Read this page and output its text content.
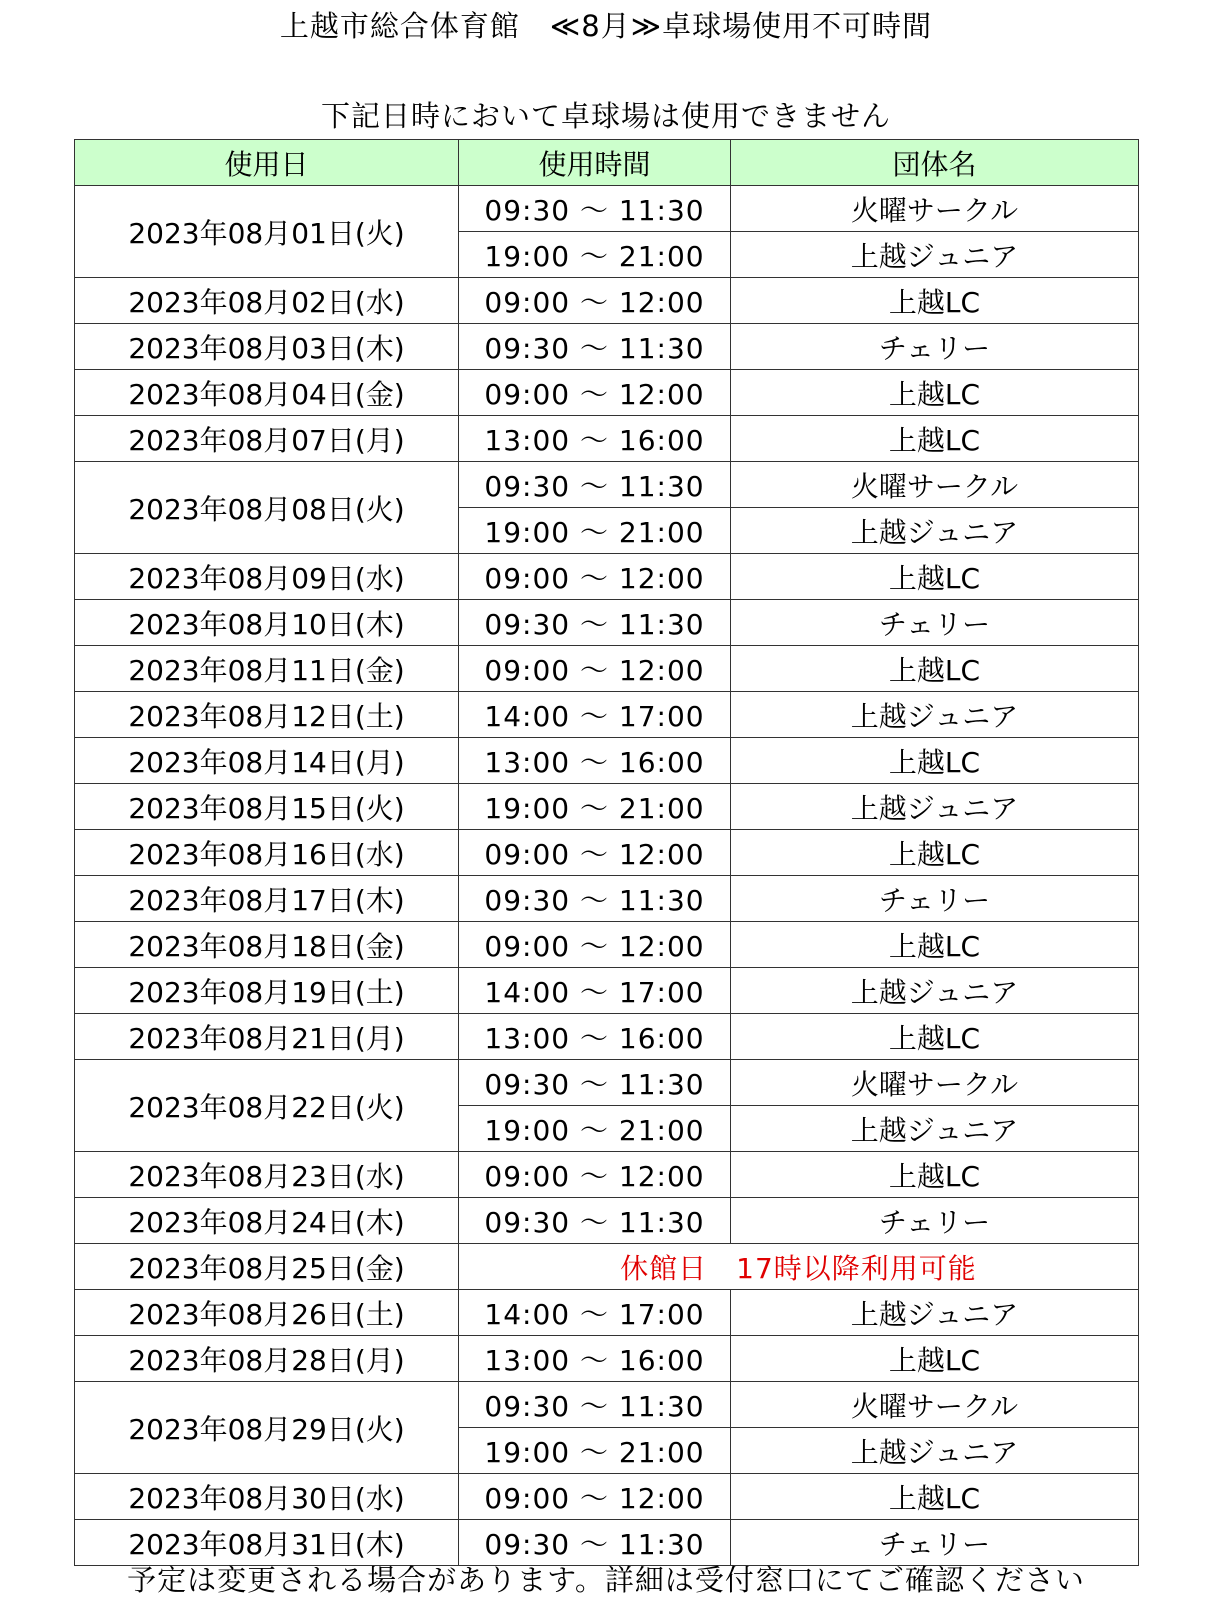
上越市総合体育館　≪8月≫卓球場使用不可時間
下記日時において卓球場は使用できません
使用日	使用時間	団体名
2023年08月01日(火)	09:30 ～ 11:30	火曜サークル
	19:00 ～ 21:00	上越ジュニア
2023年08月02日(水)	09:00 ～ 12:00	上越LC
2023年08月03日(木)	09:30 ～ 11:30	チェリー
2023年08月04日(金)	09:00 ～ 12:00	上越LC
2023年08月07日(月)	13:00 ～ 16:00	上越LC
2023年08月08日(火)	09:30 ～ 11:30	火曜サークル
	19:00 ～ 21:00	上越ジュニア
2023年08月09日(水)	09:00 ～ 12:00	上越LC
2023年08月10日(木)	09:30 ～ 11:30	チェリー
2023年08月11日(金)	09:00 ～ 12:00	上越LC
2023年08月12日(土)	14:00 ～ 17:00	上越ジュニア
2023年08月14日(月)	13:00 ～ 16:00	上越LC
2023年08月15日(火)	19:00 ～ 21:00	上越ジュニア
2023年08月16日(水)	09:00 ～ 12:00	上越LC
2023年08月17日(木)	09:30 ～ 11:30	チェリー
2023年08月18日(金)	09:00 ～ 12:00	上越LC
2023年08月19日(土)	14:00 ～ 17:00	上越ジュニア
2023年08月21日(月)	13:00 ～ 16:00	上越LC
2023年08月22日(火)	09:30 ～ 11:30	火曜サークル
	19:00 ～ 21:00	上越ジュニア
2023年08月23日(水)	09:00 ～ 12:00	上越LC
2023年08月24日(木)	09:30 ～ 11:30	チェリー
2023年08月25日(金)	休館日　17時以降利用可能	
2023年08月26日(土)	14:00 ～ 17:00	上越ジュニア
2023年08月28日(月)	13:00 ～ 16:00	上越LC
2023年08月29日(火)	09:30 ～ 11:30	火曜サークル
	19:00 ～ 21:00	上越ジュニア
2023年08月30日(水)	09:00 ～ 12:00	上越LC
2023年08月31日(木)	09:30 ～ 11:30	チェリー
予定は変更される場合があります。詳細は受付窓口にてご確認ください
